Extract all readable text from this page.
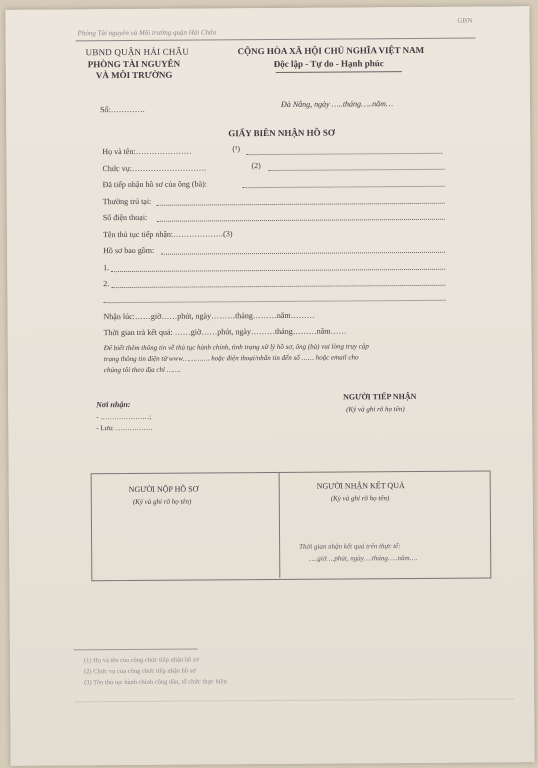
Phòng Tài nguyên và Môi trường quận Hải Châu
GBN
UBND QUẬN HẢI CHÂU
PHÒNG TÀI NGUYÊN
VÀ MÔI TRƯỜNG
CỘNG HÒA XÃ HỘI CHỦ NGHĨA VIỆT NAM
Độc lập - Tự do - Hạnh phúc
Số:………….
Đà Nẵng, ngày …..tháng…..năm…
GIẤY BIÊN NHẬN HỒ SƠ
Họ và tên:…………………	(¹)
Chức vụ:……………………….	(2)
Đã tiếp nhận hồ sơ của ông (bà):
Thường trú tại:
Số điện thoại:
Tên thủ tục tiếp nhận:……………….(3)
Hồ sơ bao gồm:
1.
2.
Nhận lúc:……giờ……phút, ngày………tháng………năm………
Thời gian trả kết quả: ……giờ……phút, ngày………tháng………năm……
Để biết thêm thông tin về thủ tục hành chính, tình trạng xử lý hồ sơ, ông (bà) vui lòng truy cập
trang thông tin điện tử www…………. hoặc điện thoại/nhắn tin đến số …… hoặc email cho
chúng tôi theo địa chỉ …….
Nơi nhận:
- …………………;
- Lưu: …………….
NGƯỜI TIẾP NHẬN
(Ký và ghi rõ họ tên)
NGƯỜI NỘP HỒ SƠ
(Ký và ghi rõ họ tên)
NGƯỜI NHẬN KẾT QUẢ
(Ký và ghi rõ họ tên)
Thời gian nhận kết quả trên thực tế:
….giờ….phút, ngày….tháng…..năm….
(1) Họ và tên của công chức tiếp nhận hồ sơ
(2) Chức vụ của công chức tiếp nhận hồ sơ
(3) Tên thủ tục hành chính công dân, tổ chức thực hiện
